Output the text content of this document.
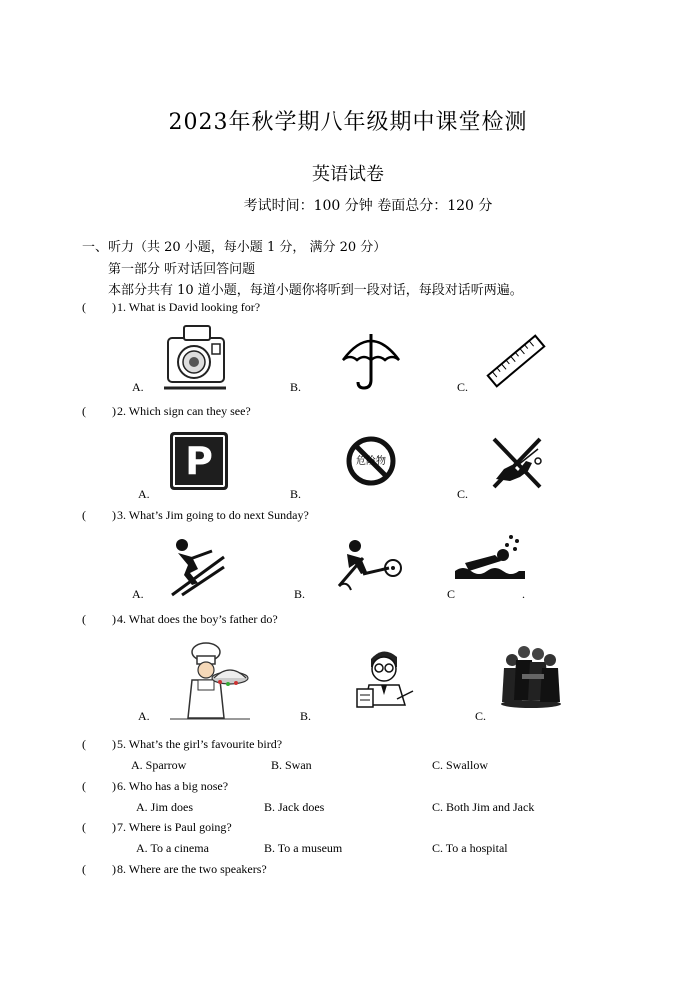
2023年秋学期八年级期中课堂检测
英语试卷
考试时间：100 分钟 卷面总分：120 分
一、听力（共 20 小题，每小题 1 分， 满分 20 分）
第一部分 听对话回答问题
本部分共有 10 道小题，每道小题你将听到一段对话，每段对话听两遍。
( ) 1. What is David looking for?
A.	B.	C.
( ) 2. Which sign can they see?
A.	B.	C.
P	危险物
( ) 3. What’s Jim going to do next Sunday?
A.	B.	C	.
( ) 4. What does the boy’s father do?
A.	B.	C.
( ) 5. What’s the girl’s favourite bird?
A. Sparrow	B. Swan	C. Swallow
( ) 6. Who has a big nose?
A. Jim does	B. Jack does	C. Both Jim and Jack
( ) 7. Where is Paul going?
A. To a cinema	B. To a museum	C. To a hospital
( ) 8. Where are the two speakers?
